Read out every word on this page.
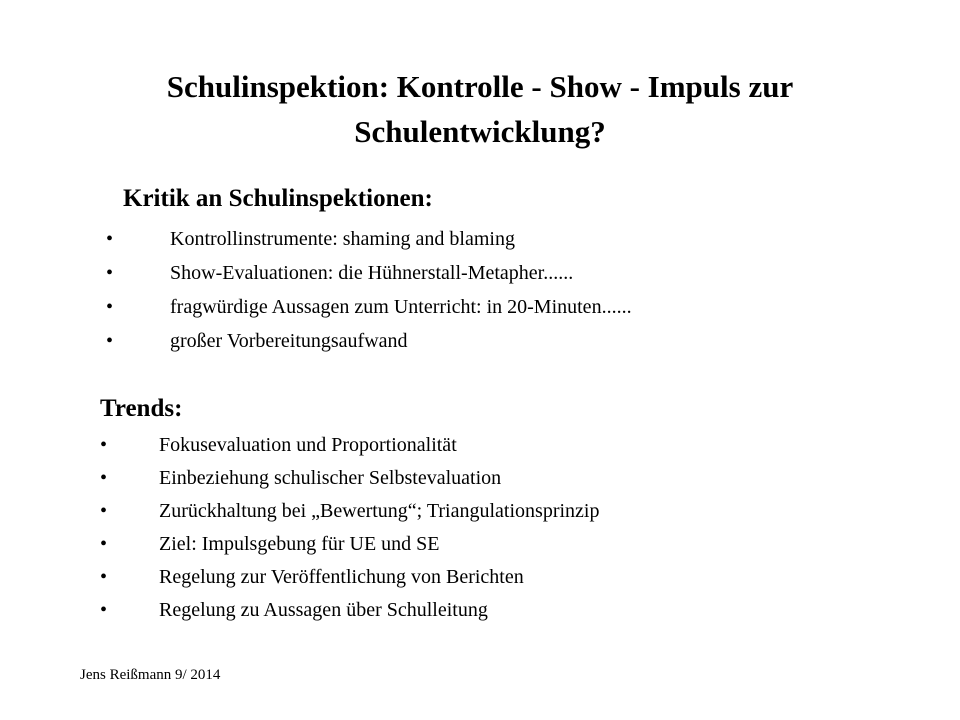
Schulinspektion: Kontrolle - Show - Impuls zur Schulentwicklung?
Kritik an Schulinspektionen:
•	Kontrollinstrumente: shaming and blaming
•	Show-Evaluationen: die Hühnerstall-Metapher......
•	fragwürdige Aussagen zum Unterricht: in 20-Minuten......
•	großer Vorbereitungsaufwand
Trends:
•	Fokusevaluation und Proportionalität
•	Einbeziehung schulischer Selbstevaluation
•	Zurückhaltung bei „Bewertung“; Triangulationsprinzip
•	Ziel: Impulsgebung für UE und SE
•	Regelung zur Veröffentlichung von Berichten
•	Regelung zu Aussagen über Schulleitung
Jens Reißmann 9/ 2014
